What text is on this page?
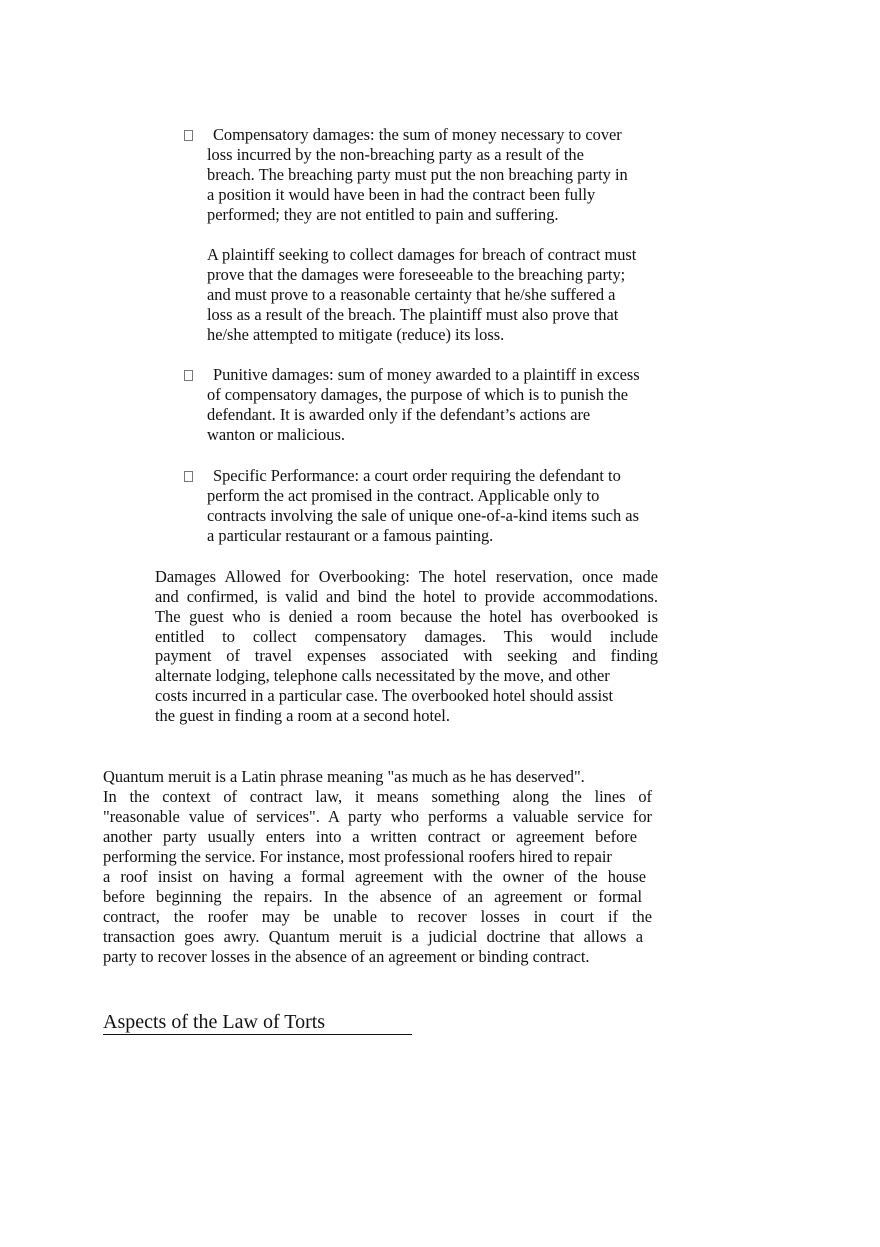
Compensatory damages: the sum of money necessary to cover
loss incurred by the non-breaching party as a result of the
breach. The breaching party must put the non breaching party in
a position it would have been in had the contract been fully
performed; they are not entitled to pain and suffering.
A plaintiff seeking to collect damages for breach of contract must
prove that the damages were foreseeable to the breaching party;
and must prove to a reasonable certainty that he/she suffered a
loss as a result of the breach. The plaintiff must also prove that
he/she attempted to mitigate (reduce) its loss.
Punitive damages: sum of money awarded to a plaintiff in excess
of compensatory damages, the purpose of which is to punish the
defendant. It is awarded only if the defendant’s actions are
wanton or malicious.
Specific Performance: a court order requiring the defendant to
perform the act promised in the contract. Applicable only to
contracts involving the sale of unique one-of-a-kind items such as
a particular restaurant or a famous painting.
Damages Allowed for Overbooking: The hotel reservation, once made
and confirmed, is valid and bind the hotel to provide accommodations.
The guest who is denied a room because the hotel has overbooked is
entitled to collect compensatory damages. This would include
payment of travel expenses associated with seeking and finding
alternate lodging, telephone calls necessitated by the move, and other
costs incurred in a particular case. The overbooked hotel should assist
the guest in finding a room at a second hotel.
Quantum meruit is a Latin phrase meaning "as much as he has deserved".
In the context of contract law, it means something along the lines of
"reasonable value of services". A party who performs a valuable service for
another party usually enters into a written contract or agreement before
performing the service. For instance, most professional roofers hired to repair
a roof insist on having a formal agreement with the owner of the house
before beginning the repairs. In the absence of an agreement or formal
contract, the roofer may be unable to recover losses in court if the
transaction goes awry. Quantum meruit is a judicial doctrine that allows a
party to recover losses in the absence of an agreement or binding contract.
Aspects of the Law of Torts
